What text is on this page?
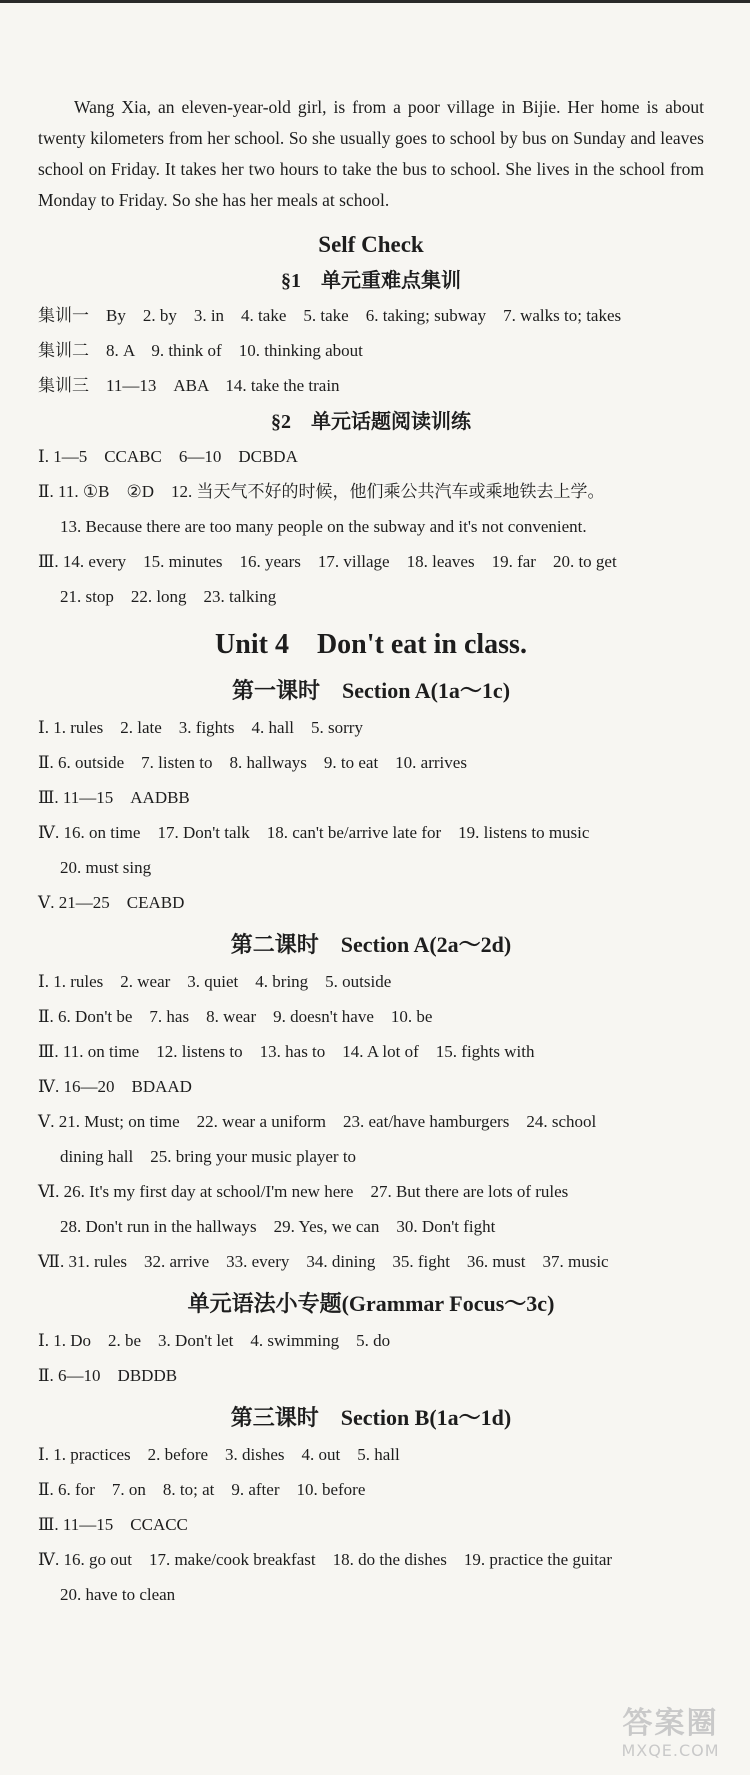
Wang Xia, an eleven-year-old girl, is from a poor village in Bijie. Her home is about twenty kilometers from her school. So she usually goes to school by bus on Sunday and leaves school on Friday. It takes her two hours to take the bus to school. She lives in the school from Monday to Friday. So she has her meals at school.

Self Check
§1　单元重难点集训
集训一　By　2. by　3. in　4. take　5. take　6. taking; subway　7. walks to; takes
集训二　8. A　9. think of　10. thinking about
集训三　11—13　ABA　14. take the train
§2　单元话题阅读训练
Ⅰ. 1—5　CCABC　6—10　DCBDA
Ⅱ. 11. ①B　②D　12. 当天气不好的时候，他们乘公共汽车或乘地铁去上学。
13. Because there are too many people on the subway and it's not convenient.
Ⅲ. 14. every　15. minutes　16. years　17. village　18. leaves　19. far　20. to get
21. stop　22. long　23. talking
Unit 4　Don't eat in class.
第一课时　Section A(1a～1c)
Ⅰ. 1. rules　2. late　3. fights　4. hall　5. sorry
Ⅱ. 6. outside　7. listen to　8. hallways　9. to eat　10. arrives
Ⅲ. 11—15　AADBB
Ⅳ. 16. on time　17. Don't talk　18. can't be/arrive late for　19. listens to music
20. must sing
Ⅴ. 21—25　CEABD
第二课时　Section A(2a～2d)
Ⅰ. 1. rules　2. wear　3. quiet　4. bring　5. outside
Ⅱ. 6. Don't be　7. has　8. wear　9. doesn't have　10. be
Ⅲ. 11. on time　12. listens to　13. has to　14. A lot of　15. fights with
Ⅳ. 16—20　BDAAD
Ⅴ. 21. Must; on time　22. wear a uniform　23. eat/have hamburgers　24. school
dining hall　25. bring your music player to
Ⅵ. 26. It's my first day at school/I'm new here　27. But there are lots of rules
28. Don't run in the hallways　29. Yes, we can　30. Don't fight
Ⅶ. 31. rules　32. arrive　33. every　34. dining　35. fight　36. must　37. music
单元语法小专题(Grammar Focus～3c)
Ⅰ. 1. Do　2. be　3. Don't let　4. swimming　5. do
Ⅱ. 6—10　DBDDB
第三课时　Section B(1a～1d)
Ⅰ. 1. practices　2. before　3. dishes　4. out　5. hall
Ⅱ. 6. for　7. on　8. to; at　9. after　10. before
Ⅲ. 11—15　CCACC
Ⅳ. 16. go out　17. make/cook breakfast　18. do the dishes　19. practice the guitar
20. have to clean
答案圈
MXQE.COM
